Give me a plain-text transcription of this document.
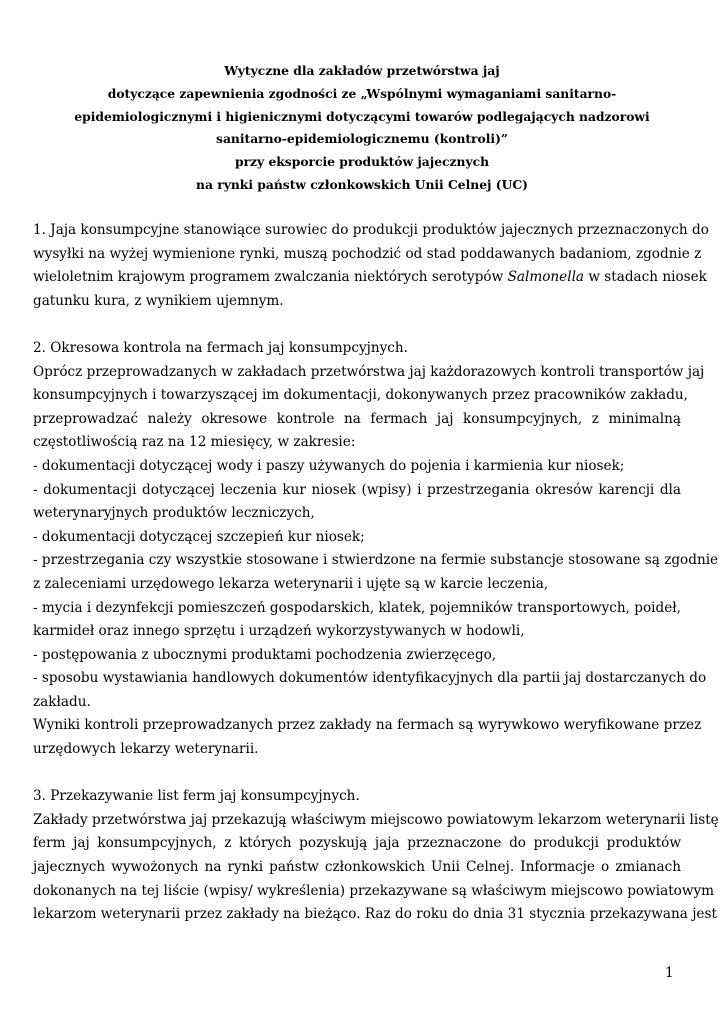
Wytyczne dla zakładów przetwórstwa jaj
dotyczące zapewnienia zgodności ze „Wspólnymi wymaganiami sanitarno-
epidemiologicznymi i higienicznymi dotyczącymi towarów podlegających nadzorowi
sanitarno-epidemiologicznemu (kontroli)”
przy eksporcie produktów jajecznych
na rynki państw członkowskich Unii Celnej (UC)
1. Jaja konsumpcyjne stanowiące surowiec do produkcji produktów jajecznych przeznaczonych do
wysyłki na wyżej wymienione rynki, muszą pochodzić od stad poddawanych badaniom, zgodnie z
wieloletnim krajowym programem zwalczania niektórych serotypów Salmonella w stadach niosek
gatunku kura, z wynikiem ujemnym.
2. Okresowa kontrola na fermach jaj konsumpcyjnych.
Oprócz przeprowadzanych w zakładach przetwórstwa jaj każdorazowych kontroli transportów jaj
konsumpcyjnych i towarzyszącej im dokumentacji, dokonywanych przez pracowników zakładu,
przeprowadzać należy okresowe kontrole na fermach jaj konsumpcyjnych, z minimalną
częstotliwością raz na 12 miesięcy, w zakresie:
- dokumentacji dotyczącej wody i paszy używanych do pojenia i karmienia kur niosek;
- dokumentacji dotyczącej leczenia kur niosek (wpisy) i przestrzegania okresów karencji dla
weterynaryjnych produktów leczniczych,
- dokumentacji dotyczącej szczepień kur niosek;
- przestrzegania czy wszystkie stosowane i stwierdzone na fermie substancje stosowane są zgodnie
z zaleceniami urzędowego lekarza weterynarii i ujęte są w karcie leczenia,
- mycia i dezynfekcji pomieszczeń gospodarskich, klatek, pojemników transportowych, poideł,
karmideł oraz innego sprzętu i urządzeń wykorzystywanych w hodowli,
- postępowania z ubocznymi produktami pochodzenia zwierzęcego,
- sposobu wystawiania handlowych dokumentów identyfikacyjnych dla partii jaj dostarczanych do
zakładu.
Wyniki kontroli przeprowadzanych przez zakłady na fermach są wyrywkowo weryfikowane przez
urzędowych lekarzy weterynarii.
3. Przekazywanie list ferm jaj konsumpcyjnych.
Zakłady przetwórstwa jaj przekazują właściwym miejscowo powiatowym lekarzom weterynarii listę
ferm jaj konsumpcyjnych, z których pozyskują jaja przeznaczone do produkcji produktów
jajecznych wywożonych na rynki państw członkowskich Unii Celnej. Informacje o zmianach
dokonanych na tej liście (wpisy/ wykreślenia) przekazywane są właściwym miejscowo powiatowym
lekarzom weterynarii przez zakłady na bieżąco. Raz do roku do dnia 31 stycznia przekazywana jest
1
